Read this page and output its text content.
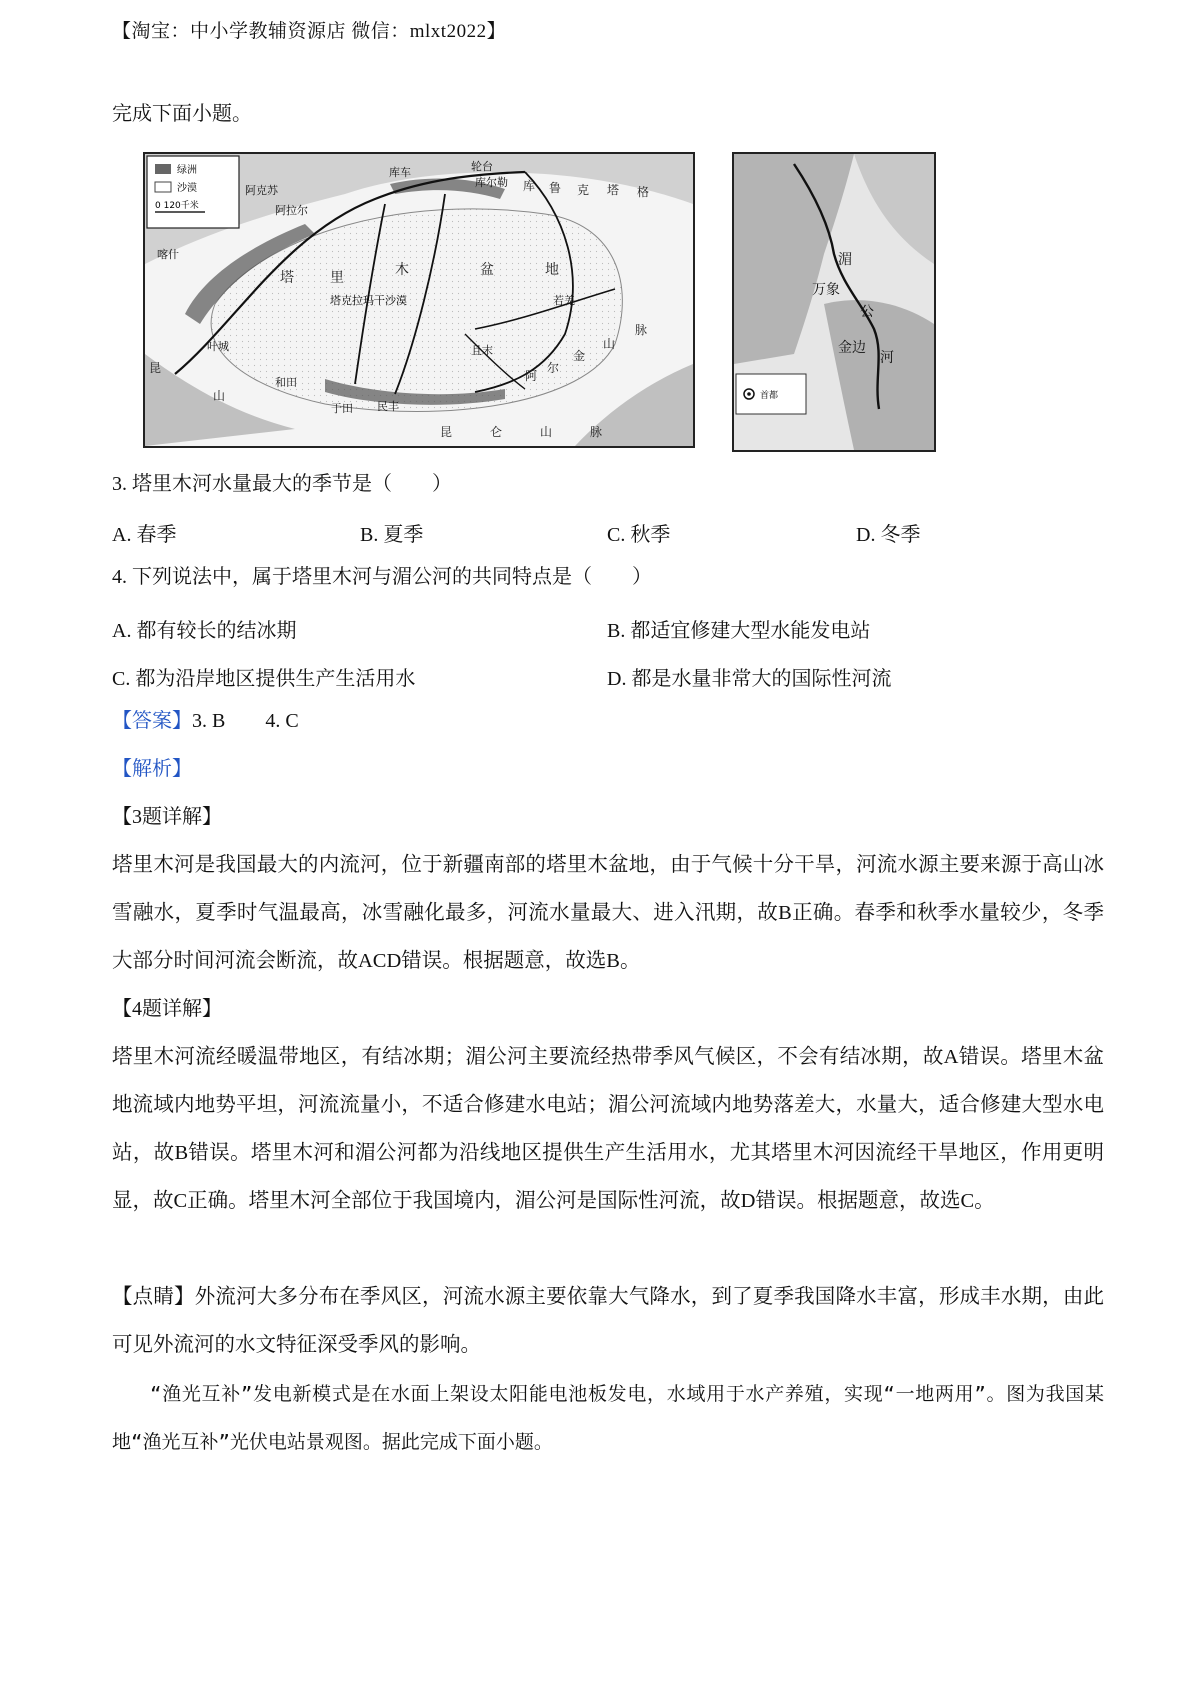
【淘宝：中小学教辅资源店 微信：mlxt2022】
完成下面小题。
绿洲
沙漠
0 120千米
阿克苏
阿拉尔
库车	轮台
库尔勒
喀什
叶城
和田
于田 民丰
且末
若羌
塔	里	木	盆	地
塔克拉玛干沙漠
昆	仑	山	脉
阿
尔
金
山
脉
库 鲁 克 塔 格
昆
山	首都
湄
万象
公
金边
河
3. 塔里木河水量最大的季节是（　　）
A. 春季	B. 夏季	C. 秋季	D. 冬季
4. 下列说法中，属于塔里木河与湄公河的共同特点是（　　）
A. 都有较长的结冰期	B. 都适宜修建大型水能发电站
C. 都为沿岸地区提供生产生活用水	D. 都是水量非常大的国际性河流
【答案】3. B　　4. C
【解析】
【3题详解】
塔里木河是我国最大的内流河，位于新疆南部的塔里木盆地，由于气候十分干旱，河流水源主要来源于高山冰雪融水，夏季时气温最高，冰雪融化最多，河流水量最大、进入汛期，故B正确。春季和秋季水量较少，冬季大部分时间河流会断流，故ACD错误。根据题意，故选B。
【4题详解】
塔里木河流经暖温带地区，有结冰期；湄公河主要流经热带季风气候区，不会有结冰期，故A错误。塔里木盆地流域内地势平坦，河流流量小，不适合修建水电站；湄公河流域内地势落差大，水量大，适合修建大型水电站，故B错误。塔里木河和湄公河都为沿线地区提供生产生活用水，尤其塔里木河因流经干旱地区，作用更明显，故C正确。塔里木河全部位于我国境内，湄公河是国际性河流，故D错误。根据题意，故选C。
【点睛】外流河大多分布在季风区，河流水源主要依靠大气降水，到了夏季我国降水丰富，形成丰水期，由此可见外流河的水文特征深受季风的影响。
“渔光互补”发电新模式是在水面上架设太阳能电池板发电，水域用于水产养殖，实现“一地两用”。图为我国某地“渔光互补”光伏电站景观图。据此完成下面小题。
